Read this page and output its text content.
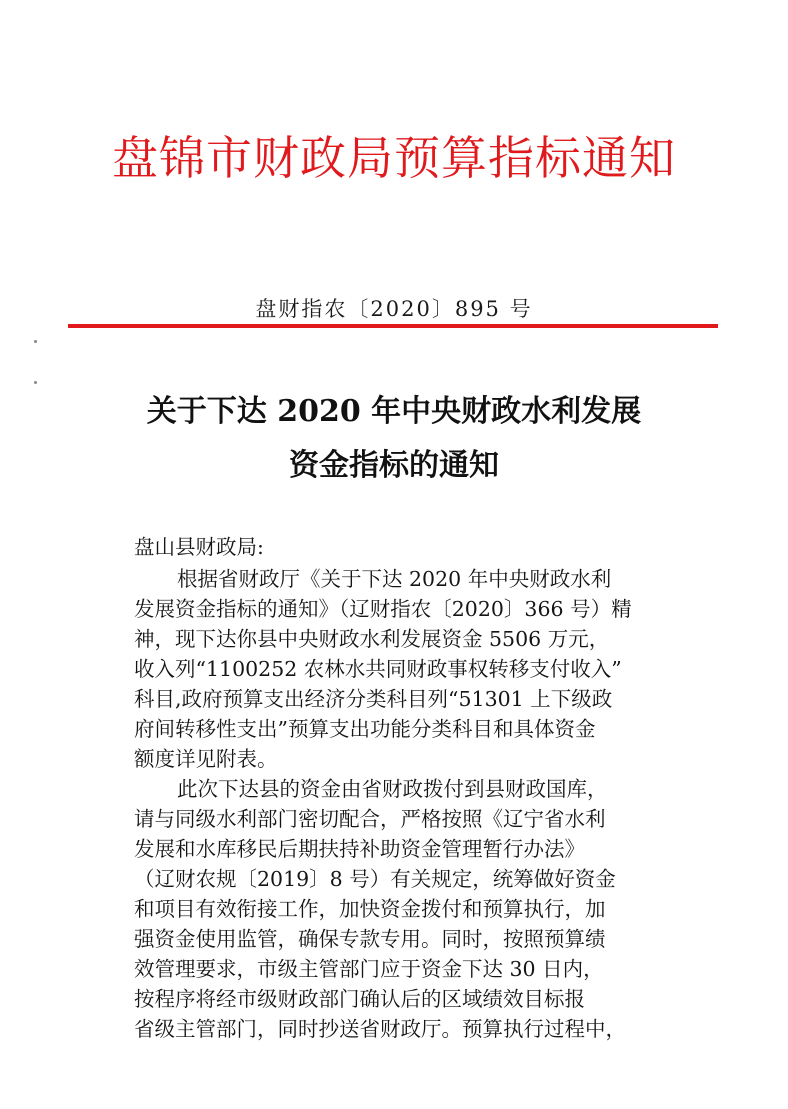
盘锦市财政局预算指标通知
盘财指农〔2020〕895 号
关于下达 2020 年中央财政水利发展
资金指标的通知
盘山县财政局:
根据省财政厅《关于下达 2020 年中央财政水利
发展资金指标的通知》（辽财指农〔2020〕366 号）精
神，现下达你县中央财政水利发展资金 5506 万元，
收入列“1100252 农林水共同财政事权转移支付收入”
科目,政府预算支出经济分类科目列“51301 上下级政
府间转移性支出”预算支出功能分类科目和具体资金
额度详见附表。
此次下达县的资金由省财政拨付到县财政国库，
请与同级水利部门密切配合，严格按照《辽宁省水利
发展和水库移民后期扶持补助资金管理暂行办法》
（辽财农规〔2019〕8 号）有关规定，统筹做好资金
和项目有效衔接工作，加快资金拨付和预算执行，加
强资金使用监管，确保专款专用。同时，按照预算绩
效管理要求，市级主管部门应于资金下达 30 日内，
按程序将经市级财政部门确认后的区域绩效目标报
省级主管部门，同时抄送省财政厅。预算执行过程中，
